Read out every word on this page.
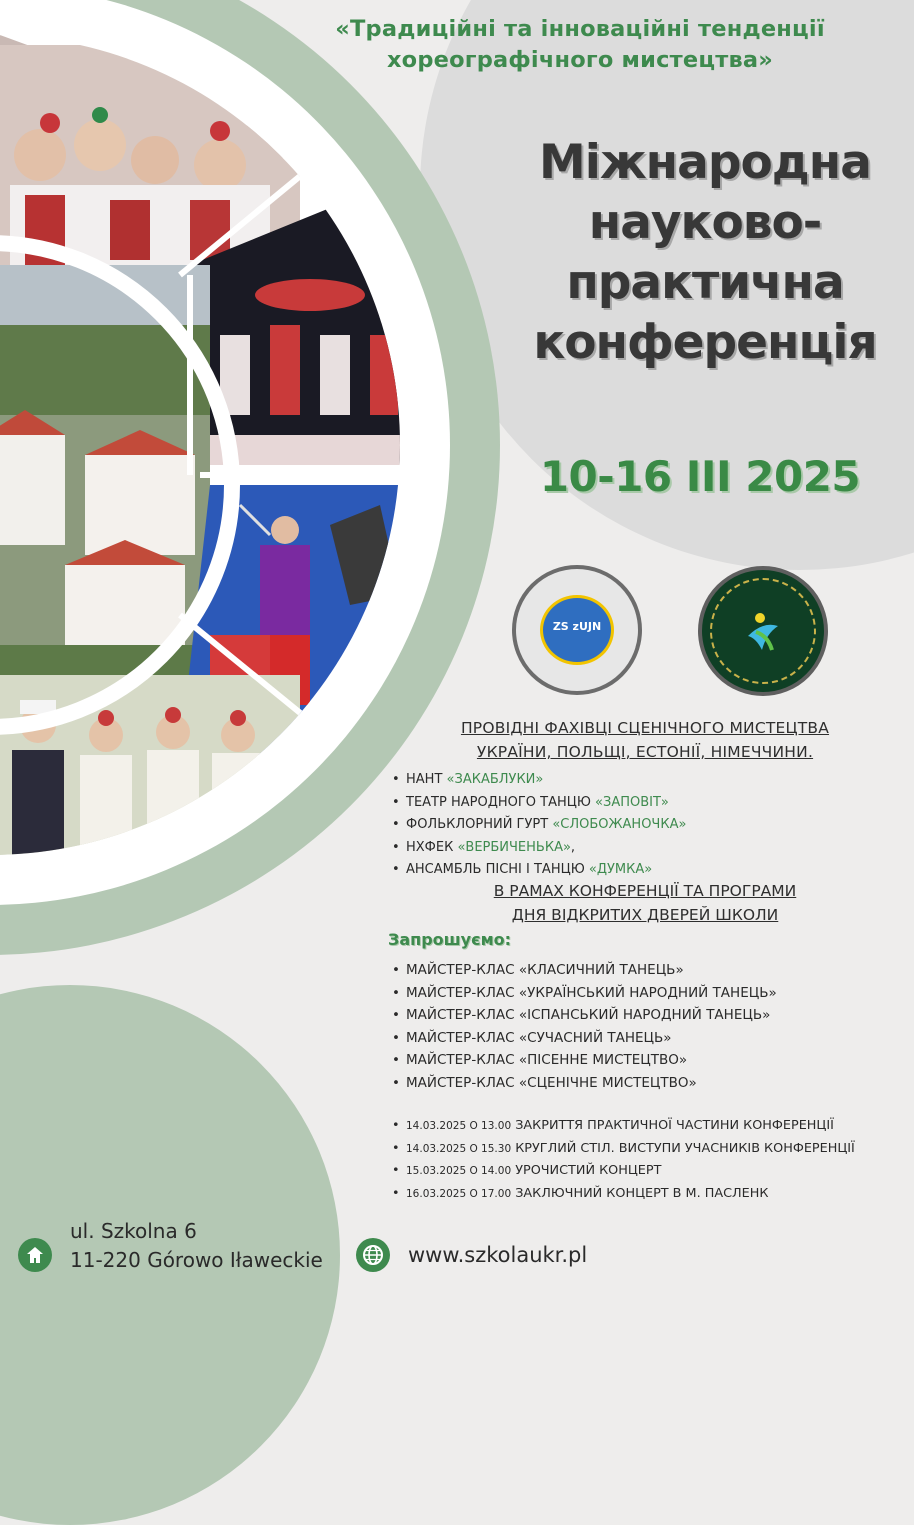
«Традиційні та інноваційні тенденції
хореографічного мистецтва»
Міжнародна
науково-
практична
конференція
10-16 III 2025
ZS zUJN
ПРОВІДНІ ФАХІВЦІ СЦЕНІЧНОГО МИСТЕЦТВА
УКРАЇНИ, ПОЛЬЩІ, ЕСТОНІЇ, НІМЕЧЧИНИ.
• НАНТ «ЗАКАБЛУКИ»
• ТЕАТР НАРОДНОГО ТАНЦЮ «ЗАПОВІТ»
• ФОЛЬКЛОРНИЙ ГУРТ «СЛОБОЖАНОЧКА»
• НХФЕК «ВЕРБИЧЕНЬКА»,
• АНСАМБЛЬ ПІСНІ І ТАНЦЮ «ДУМКА»
В РАМАХ КОНФЕРЕНЦІЇ ТА ПРОГРАМИ
ДНЯ ВІДКРИТИХ ДВЕРЕЙ ШКОЛИ
Запрошуємо:
• МАЙСТЕР-КЛАС «КЛАСИЧНИЙ ТАНЕЦЬ»
• МАЙСТЕР-КЛАС «УКРАЇНСЬКИЙ НАРОДНИЙ ТАНЕЦЬ»
• МАЙСТЕР-КЛАС «ІСПАНСЬКИЙ НАРОДНИЙ ТАНЕЦЬ»
• МАЙСТЕР-КЛАС «СУЧАСНИЙ ТАНЕЦЬ»
• МАЙСТЕР-КЛАС «ПІСЕННЕ МИСТЕЦТВО»
• МАЙСТЕР-КЛАС «СЦЕНІЧНЕ МИСТЕЦТВО»
• 14.03.2025 О 13.00 ЗАКРИТТЯ ПРАКТИЧНОЇ ЧАСТИНИ КОНФЕРЕНЦІЇ
• 14.03.2025 О 15.30 КРУГЛИЙ СТІЛ. ВИСТУПИ УЧАСНИКІВ КОНФЕРЕНЦІЇ
• 15.03.2025 О 14.00 УРОЧИСТИЙ КОНЦЕРТ
• 16.03.2025 О 17.00 ЗАКЛЮЧНИЙ КОНЦЕРТ В М. ПАСЛЕНК
ul. Szkolna 6
11-220 Górowo Iławeckie	www.szkolaukr.pl
